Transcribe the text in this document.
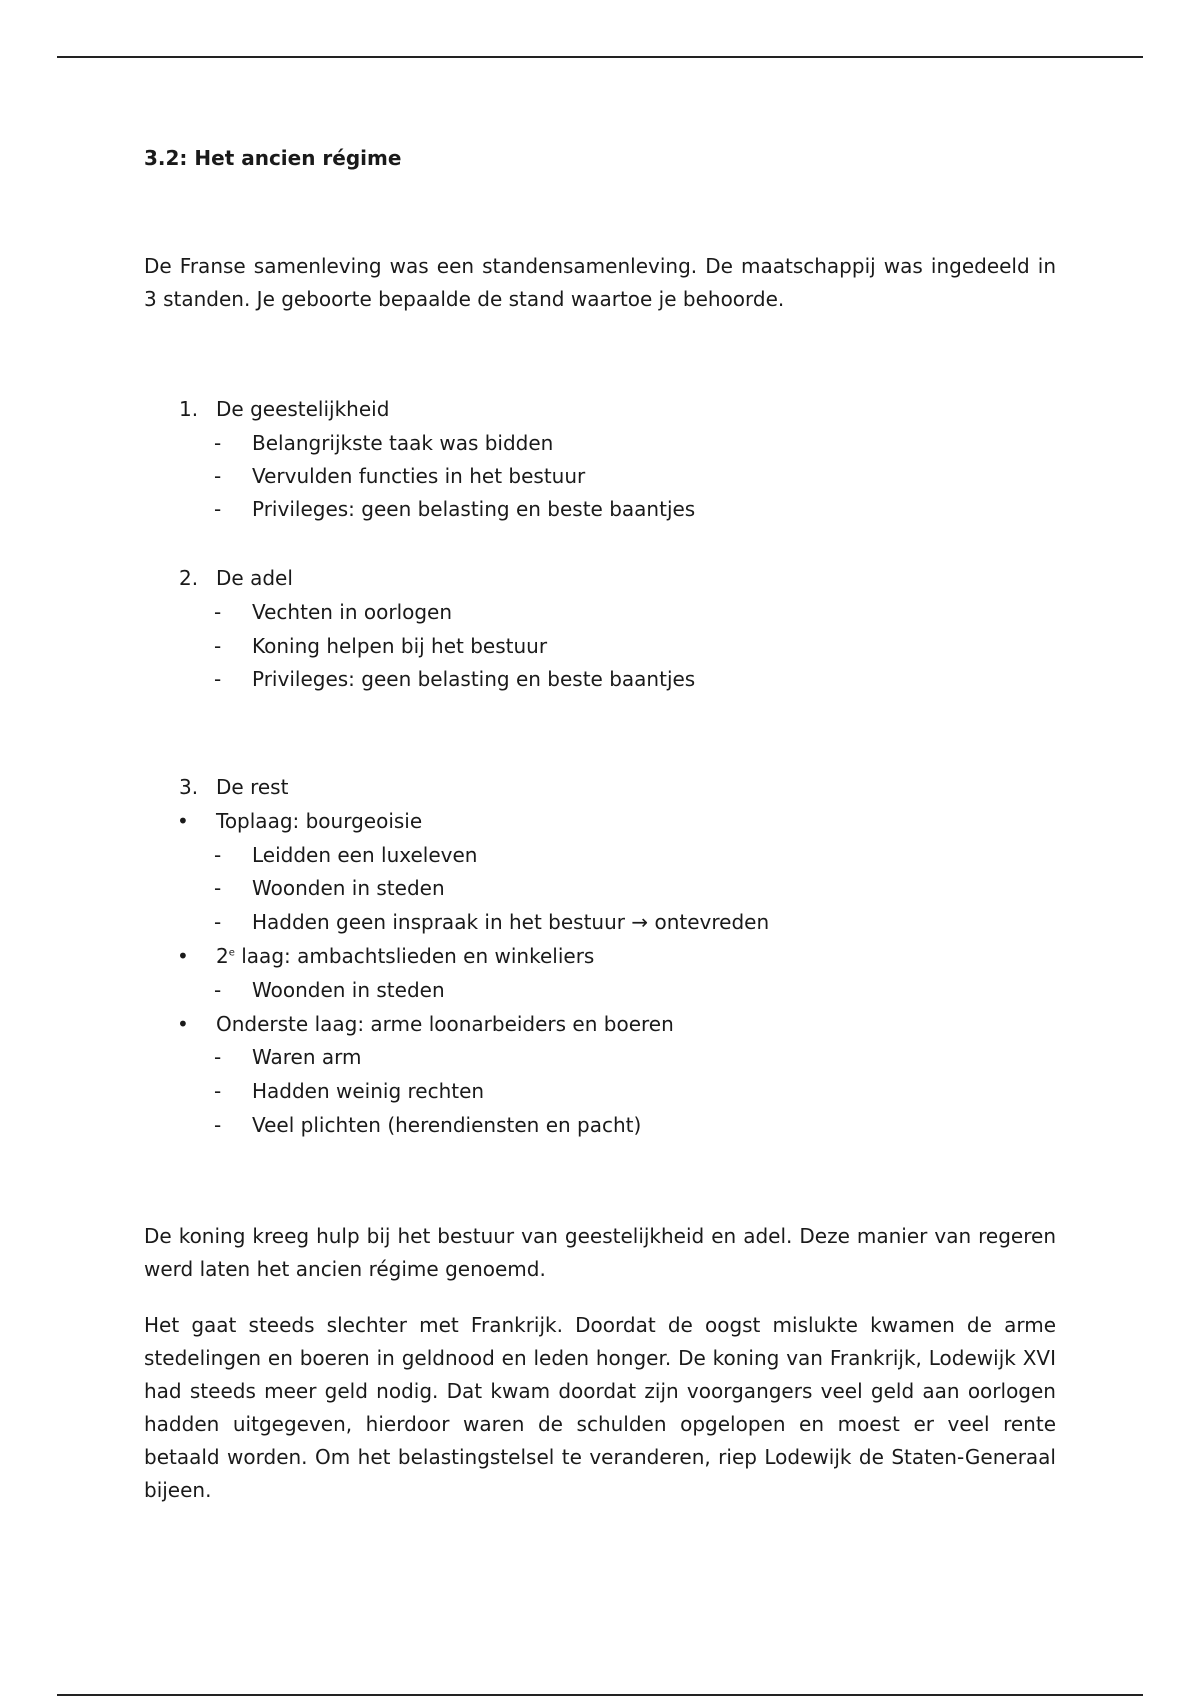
3.2: Het ancien régime

De Franse samenleving was een standensamenleving. De maatschappij was ingedeeld in 3 standen. Je geboorte bepaalde de stand waartoe je behoorde.

1. De geestelijkheid
- Belangrijkste taak was bidden
- Vervulden functies in het bestuur
- Privileges: geen belasting en beste baantjes
2. De adel
- Vechten in oorlogen
- Koning helpen bij het bestuur
- Privileges: geen belasting en beste baantjes
3. De rest
• Toplaag: bourgeoisie
- Leidden een luxeleven
- Woonden in steden
- Hadden geen inspraak in het bestuur → ontevreden
• 2e laag: ambachtslieden en winkeliers
- Woonden in steden
• Onderste laag: arme loonarbeiders en boeren
- Waren arm
- Hadden weinig rechten
- Veel plichten (herendiensten en pacht)

De koning kreeg hulp bij het bestuur van geestelijkheid en adel. Deze manier van regeren werd laten het ancien régime genoemd.

Het gaat steeds slechter met Frankrijk. Doordat de oogst mislukte kwamen de arme stedelingen en boeren in geldnood en leden honger. De koning van Frankrijk, Lodewijk XVI had steeds meer geld nodig. Dat kwam doordat zijn voorgangers veel geld aan oorlogen hadden uitgegeven, hierdoor waren de schulden opgelopen en moest er veel rente betaald worden. Om het belastingstelsel te veranderen, riep Lodewijk de Staten-Generaal bijeen.
